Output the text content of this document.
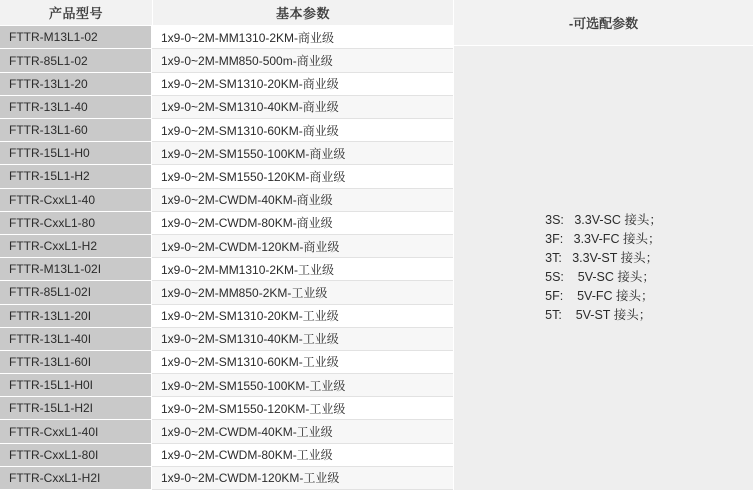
产品型号	基本参数
FTTR-M13L1-02	1x9-0~2M-MM1310-2KM-商业级
FTTR-85L1-02	1x9-0~2M-MM850-500m-商业级
FTTR-13L1-20	1x9-0~2M-SM1310-20KM-商业级
FTTR-13L1-40	1x9-0~2M-SM1310-40KM-商业级
FTTR-13L1-60	1x9-0~2M-SM1310-60KM-商业级
FTTR-15L1-H0	1x9-0~2M-SM1550-100KM-商业级
FTTR-15L1-H2	1x9-0~2M-SM1550-120KM-商业级
FTTR-CxxL1-40	1x9-0~2M-CWDM-40KM-商业级
FTTR-CxxL1-80	1x9-0~2M-CWDM-80KM-商业级
FTTR-CxxL1-H2	1x9-0~2M-CWDM-120KM-商业级
FTTR-M13L1-02I	1x9-0~2M-MM1310-2KM-工业级
FTTR-85L1-02I	1x9-0~2M-MM850-2KM-工业级
FTTR-13L1-20I	1x9-0~2M-SM1310-20KM-工业级
FTTR-13L1-40I	1x9-0~2M-SM1310-40KM-工业级
FTTR-13L1-60I	1x9-0~2M-SM1310-60KM-工业级
FTTR-15L1-H0I	1x9-0~2M-SM1550-100KM-工业级
FTTR-15L1-H2I	1x9-0~2M-SM1550-120KM-工业级
FTTR-CxxL1-40I	1x9-0~2M-CWDM-40KM-工业级
FTTR-CxxL1-80I	1x9-0~2M-CWDM-80KM-工业级
FTTR-CxxL1-H2I	1x9-0~2M-CWDM-120KM-工业级
-可选配参数
3S:   3.3V-SC 接头；
3F:   3.3V-FC 接头；
3T:   3.3V-ST 接头；
5S:    5V-SC 接头；
5F:    5V-FC 接头；
5T:    5V-ST 接头；
